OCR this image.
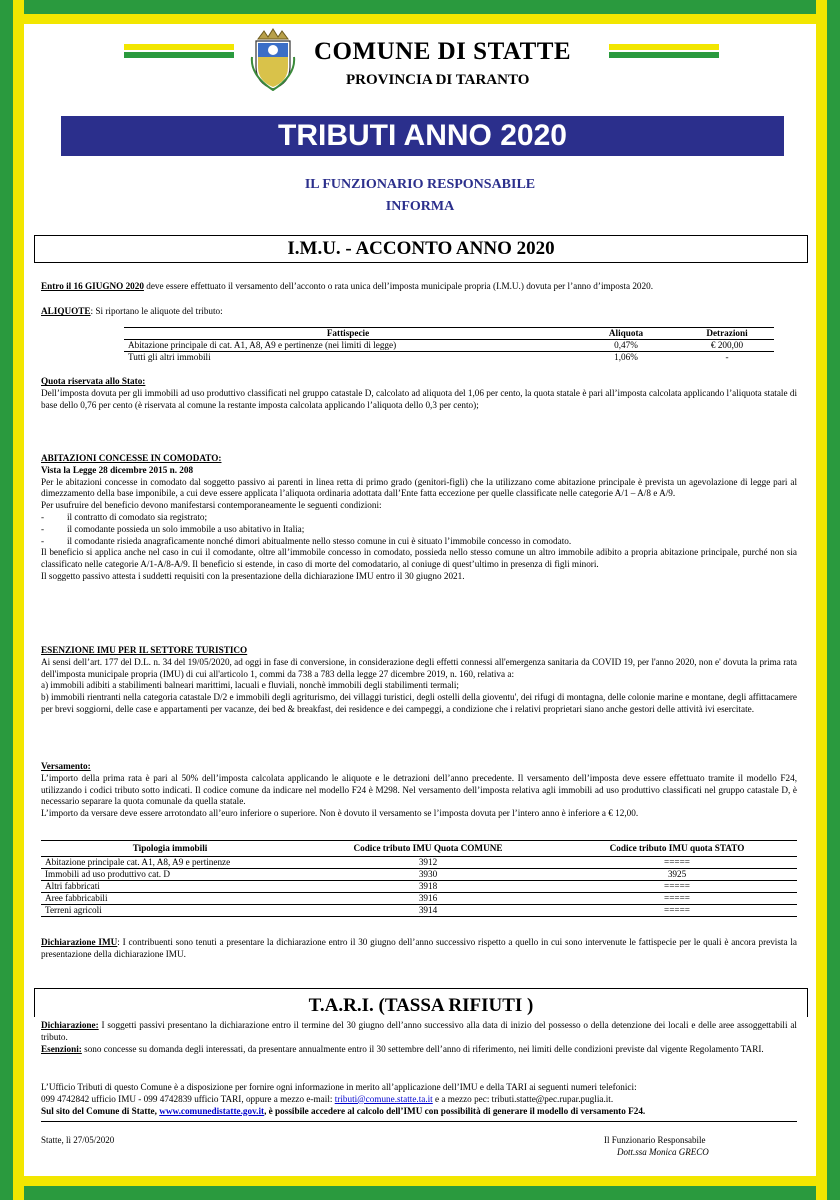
COMUNE DI STATTE
PROVINCIA DI TARANTO
TRIBUTI ANNO 2020
IL FUNZIONARIO RESPONSABILE
INFORMA
I.M.U. - ACCONTO ANNO 2020
Entro il 16 GIUGNO 2020 deve essere effettuato il versamento dell’acconto o rata unica dell’imposta municipale propria (I.M.U.) dovuta per l’anno d’imposta 2020.
ALIQUOTE: Si riportano le aliquote del tributo:
Fattispecie	Aliquota	Detrazioni
Abitazione principale di cat. A1, A8, A9 e pertinenze (nei limiti di legge)	0,47%	€ 200,00
Tutti gli altri immobili	1,06%	-
Quota riservata allo Stato:
Dell’imposta dovuta per gli immobili ad uso produttivo classificati nel gruppo catastale D, calcolato ad aliquota del 1,06 per cento, la quota statale è pari all’imposta calcolata applicando l’aliquota statale di base dello 0,76 per cento (è riservata al comune la restante imposta calcolata applicando l’aliquota dello 0,3 per cento);
ABITAZIONI CONCESSE IN COMODATO:
Vista la Legge 28 dicembre 2015 n. 208
Per le abitazioni concesse in comodato dal soggetto passivo ai parenti in linea retta di primo grado (genitori-figli) che la utilizzano come abitazione principale è prevista un agevolazione di legge pari al dimezzamento della base imponibile, a cui deve essere applicata l’aliquota ordinaria adottata dall’Ente fatta eccezione per quelle classificate nelle categorie A/1 – A/8 e A/9.
Per usufruire del beneficio devono manifestarsi contemporaneamente le seguenti condizioni:
- il contratto di comodato sia registrato;
- il comodante possieda un solo immobile a uso abitativo in Italia;
- il comodante risieda anagraficamente nonché dimori abitualmente nello stesso comune in cui è situato l’immobile concesso in comodato.
Il beneficio si applica anche nel caso in cui il comodante, oltre all’immobile concesso in comodato, possieda nello stesso comune un altro immobile adibito a propria abitazione principale, purché non sia classificato nelle categorie A/1-A/8-A/9. Il beneficio si estende, in caso di morte del comodatario, al coniuge di quest’ultimo in presenza di figli minori.
Il soggetto passivo attesta i suddetti requisiti con la presentazione della dichiarazione IMU entro il 30 giugno 2021.
ESENZIONE IMU PER IL SETTORE TURISTICO
Ai sensi dell’art. 177 del D.L. n. 34 del 19/05/2020, ad oggi in fase di conversione, in considerazione degli effetti connessi all'emergenza sanitaria da COVID 19, per l'anno 2020, non e' dovuta la prima rata dell'imposta municipale propria (IMU) di cui all'articolo 1, commi da 738 a 783 della legge 27 dicembre 2019, n. 160, relativa a:
a) immobili adibiti a stabilimenti balneari marittimi, lacuali e fluviali, nonchè immobili degli stabilimenti termali;
b) immobili rientranti nella categoria catastale D/2 e immobili degli agriturismo, dei villaggi turistici, degli ostelli della gioventu', dei rifugi di montagna, delle colonie marine e montane, degli affittacamere per brevi soggiorni, delle case e appartamenti per vacanze, dei bed & breakfast, dei residence e dei campeggi, a condizione che i relativi proprietari siano anche gestori delle attività ivi esercitate.
Versamento:
L’importo della prima rata è pari al 50% dell’imposta calcolata applicando le aliquote e le detrazioni dell’anno precedente. Il versamento dell’imposta deve essere effettuato tramite il modello F24, utilizzando i codici tributo sotto indicati. Il codice comune da indicare nel modello F24 è M298. Nel versamento dell’imposta relativa agli immobili ad uso produttivo classificati nel gruppo catastale D, è necessario separare la quota comunale da quella statale.
L’importo da versare deve essere arrotondato all’euro inferiore o superiore. Non è dovuto il versamento se l’imposta dovuta per l’intero anno è inferiore a € 12,00.
Tipologia immobili	Codice tributo IMU Quota COMUNE	Codice tributo IMU quota STATO
Abitazione principale cat. A1, A8, A9 e pertinenze	3912	=====
Immobili ad uso produttivo cat. D	3930	3925
Altri fabbricati	3918	=====
Aree fabbricabili	3916	=====
Terreni agricoli	3914	=====
Dichiarazione IMU: I contribuenti sono tenuti a presentare la dichiarazione entro il 30 giugno dell’anno successivo rispetto a quello in cui sono intervenute le fattispecie per le quali è ancora prevista la presentazione della dichiarazione IMU.
T.A.R.I. (TASSA RIFIUTI )
Dichiarazione: I soggetti passivi presentano la dichiarazione entro il termine del 30 giugno dell’anno successivo alla data di inizio del possesso o della detenzione dei locali e delle aree assoggettabili al tributo.
Esenzioni: sono concesse su domanda degli interessati, da presentare annualmente entro il 30 settembre dell’anno di riferimento, nei limiti delle condizioni previste dal vigente Regolamento TARI.
L’Ufficio Tributi di questo Comune è a disposizione per fornire ogni informazione in merito all’applicazione dell’IMU e della TARI ai seguenti numeri telefonici:
099 4742842 ufficio IMU - 099 4742839 ufficio TARI, oppure a mezzo e-mail: tributi@comune.statte.ta.it e a mezzo pec: tributi.statte@pec.rupar.puglia.it.
Sul sito del Comune di Statte, www.comunedistatte.gov.it, è possibile accedere al calcolo dell’IMU con possibilità di generare il modello di versamento F24.
Statte, lì 27/05/2020	Il Funzionario Responsabile
Dott.ssa Monica GRECO
